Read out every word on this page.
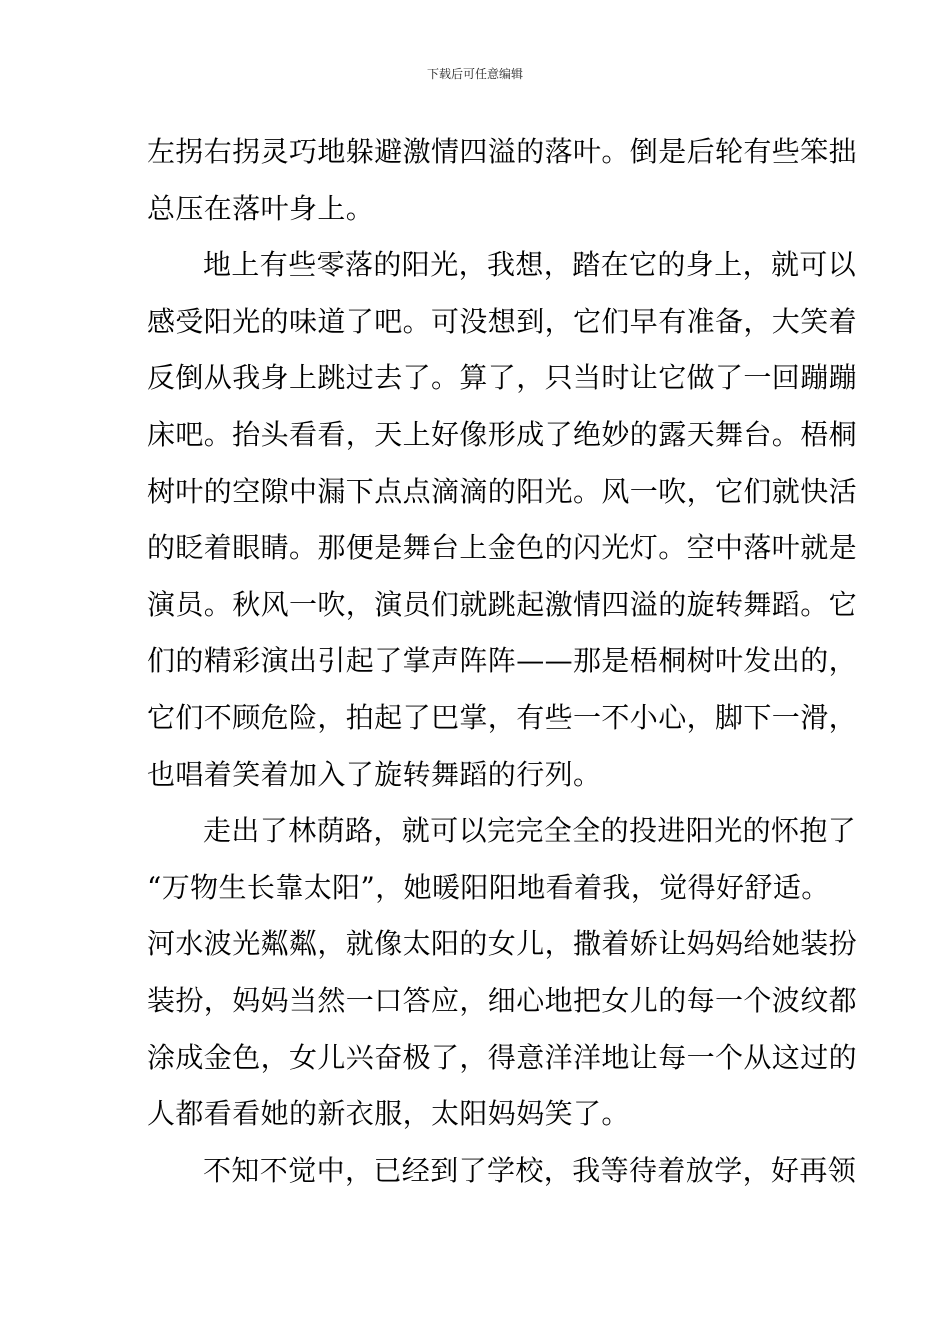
下载后可任意编辑
左拐右拐灵巧地躲避激情四溢的落叶。倒是后轮有些笨拙
总压在落叶身上。
地上有些零落的阳光，我想，踏在它的身上，就可以
感受阳光的味道了吧。可没想到，它们早有准备，大笑着
反倒从我身上跳过去了。算了，只当时让它做了一回蹦蹦
床吧。抬头看看，天上好像形成了绝妙的露天舞台。梧桐
树叶的空隙中漏下点点滴滴的阳光。风一吹，它们就快活
的眨着眼睛。那便是舞台上金色的闪光灯。空中落叶就是
演员。秋风一吹，演员们就跳起激情四溢的旋转舞蹈。它
们的精彩演出引起了掌声阵阵——那是梧桐树叶发出的，
它们不顾危险，拍起了巴掌，有些一不小心，脚下一滑，
也唱着笑着加入了旋转舞蹈的行列。
走出了林荫路，就可以完完全全的投进阳光的怀抱了
“万物生长靠太阳”，她暖阳阳地看着我，觉得好舒适。
河水波光粼粼，就像太阳的女儿，撒着娇让妈妈给她装扮
装扮，妈妈当然一口答应，细心地把女儿的每一个波纹都
涂成金色，女儿兴奋极了，得意洋洋地让每一个从这过的
人都看看她的新衣服，太阳妈妈笑了。
不知不觉中，已经到了学校，我等待着放学，好再领
